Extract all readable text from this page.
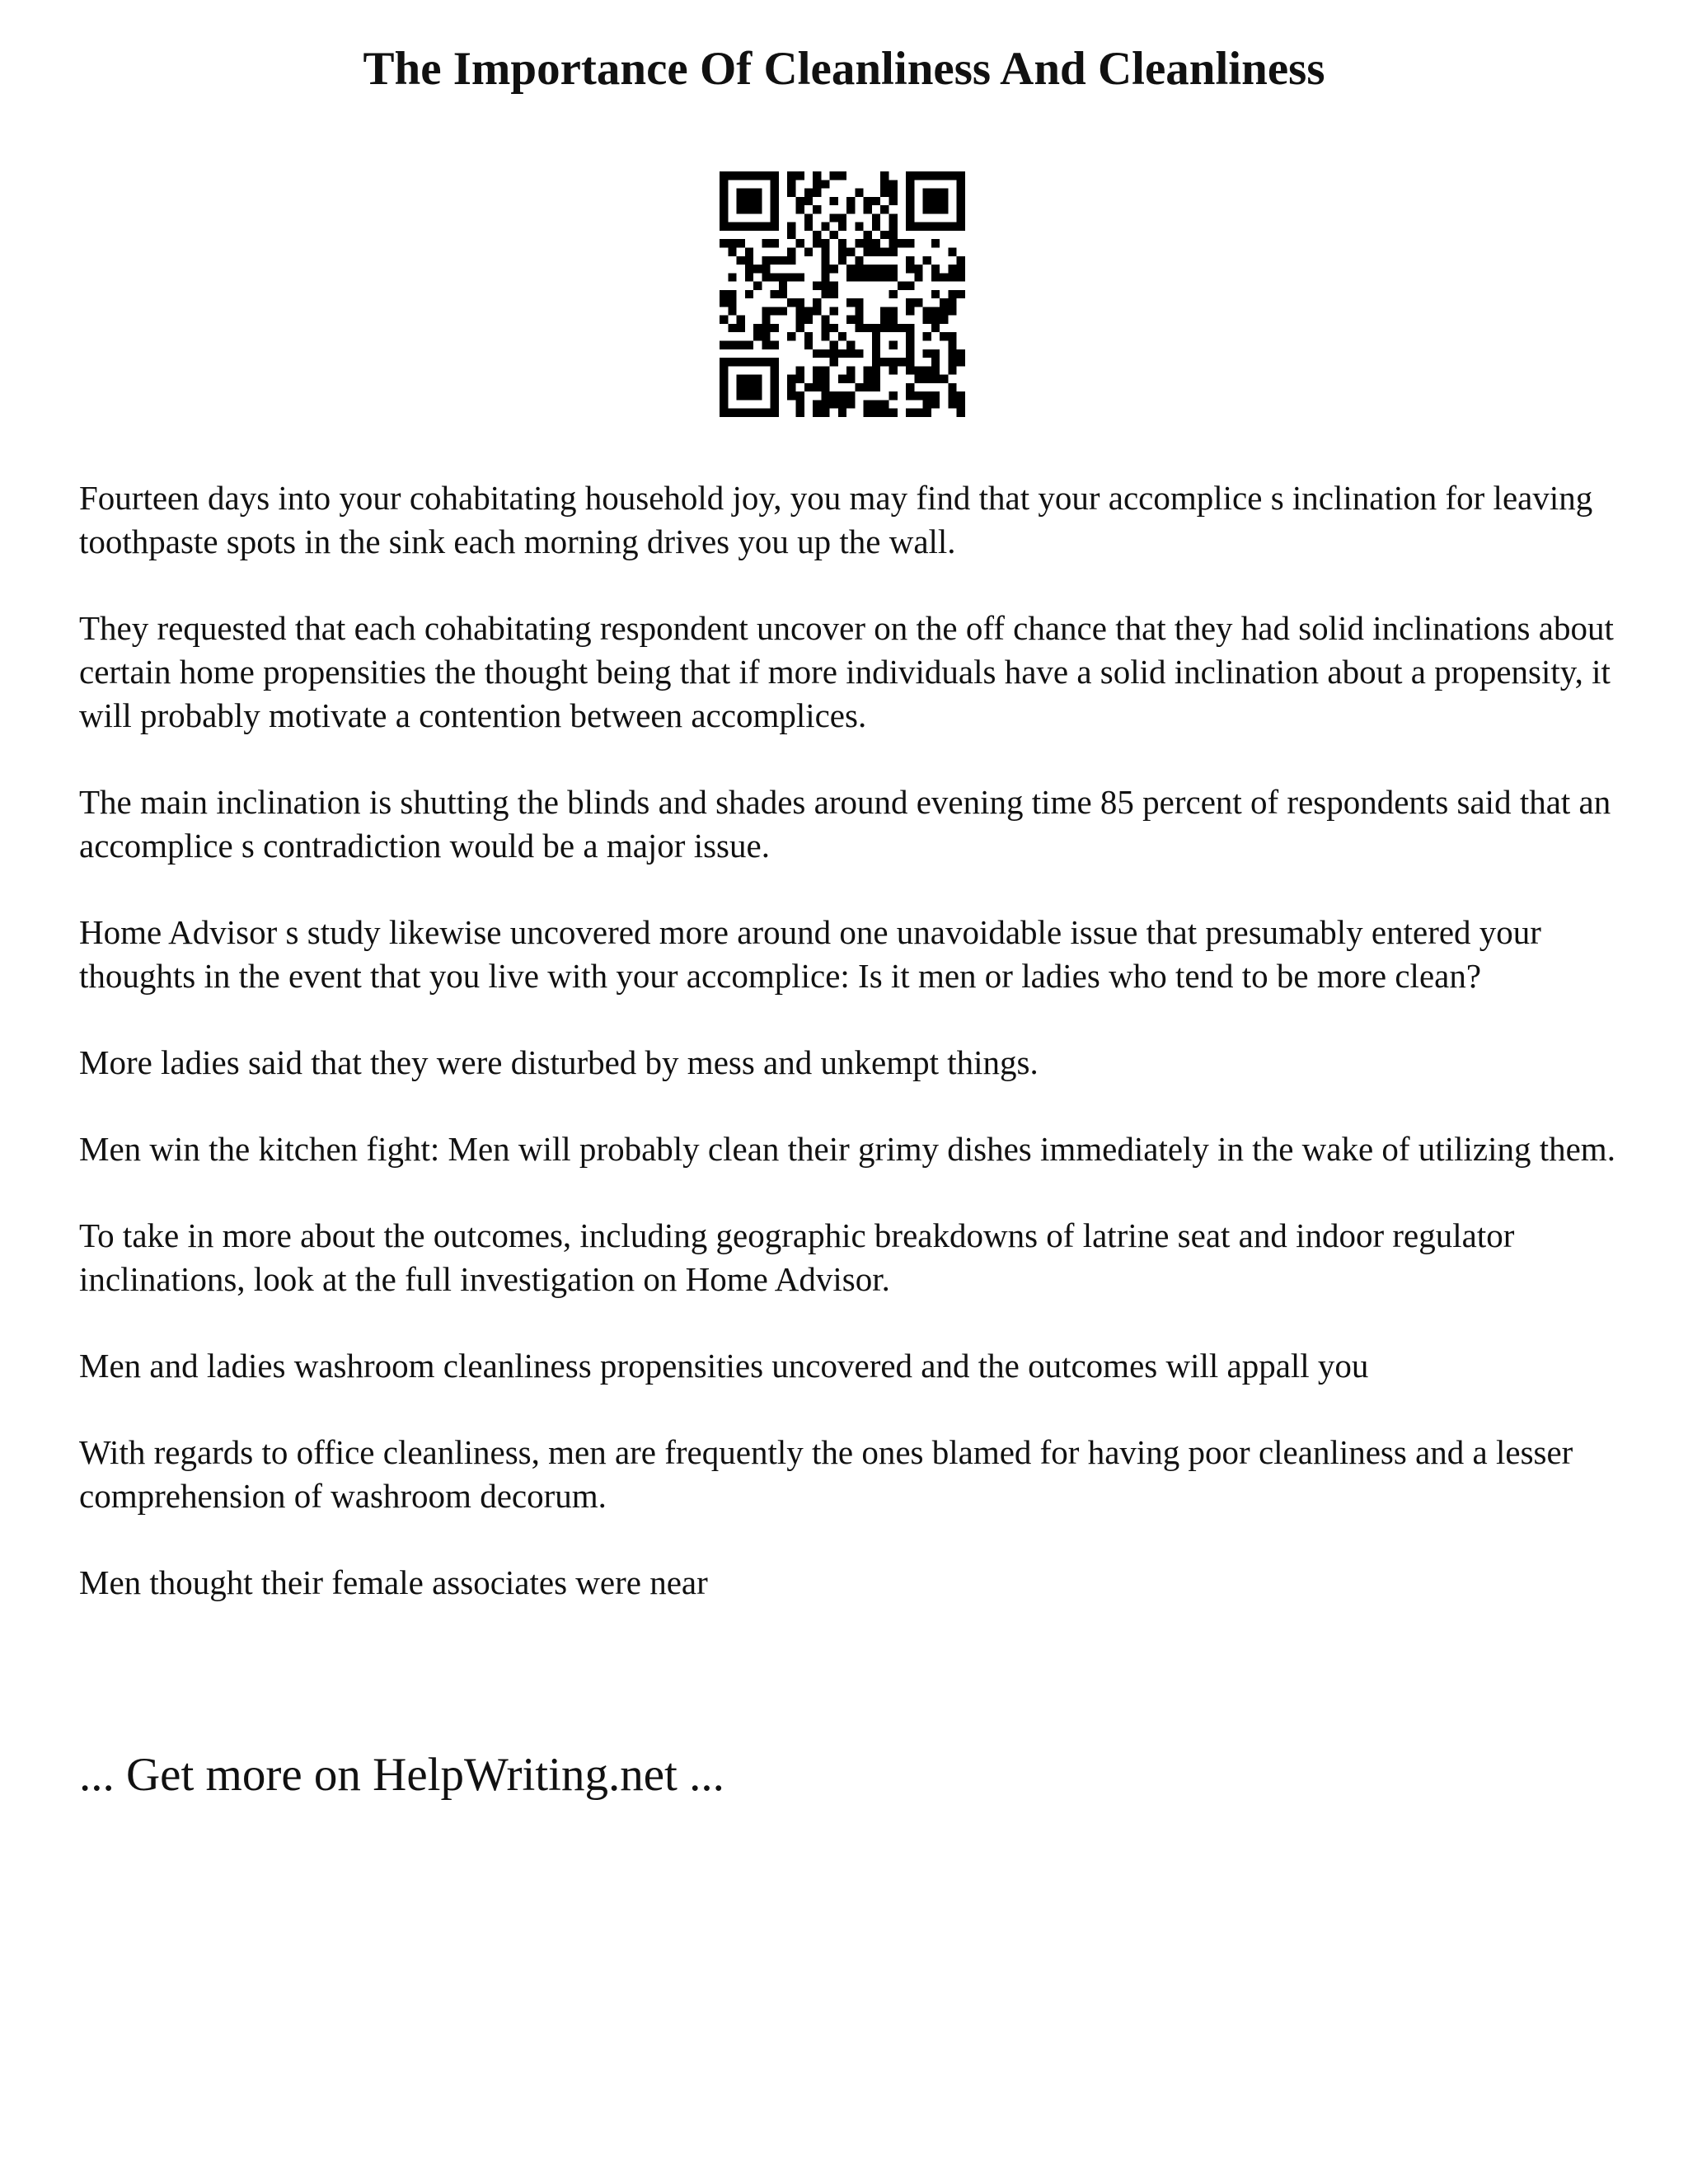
The Importance Of Cleanliness And Cleanliness

Fourteen days into your cohabitating household joy, you may find that your accomplice s inclination for leaving toothpaste spots in the sink each morning drives you up the wall.

They requested that each cohabitating respondent uncover on the off chance that they had solid inclinations about certain home propensities the thought being that if more individuals have a solid inclination about a propensity, it will probably motivate a contention between accomplices.

The main inclination is shutting the blinds and shades around evening time 85 percent of respondents said that an accomplice s contradiction would be a major issue.

Home Advisor s study likewise uncovered more around one unavoidable issue that presumably entered your thoughts in the event that you live with your accomplice: Is it men or ladies who tend to be more clean?

More ladies said that they were disturbed by mess and unkempt things.

Men win the kitchen fight: Men will probably clean their grimy dishes immediately in the wake of utilizing them.

To take in more about the outcomes, including geographic breakdowns of latrine seat and indoor regulator inclinations, look at the full investigation on Home Advisor.

Men and ladies washroom cleanliness propensities uncovered and the outcomes will appall you

With regards to office cleanliness, men are frequently the ones blamed for having poor cleanliness and a lesser comprehension of washroom decorum.

Men thought their female associates were near

... Get more on HelpWriting.net ...
